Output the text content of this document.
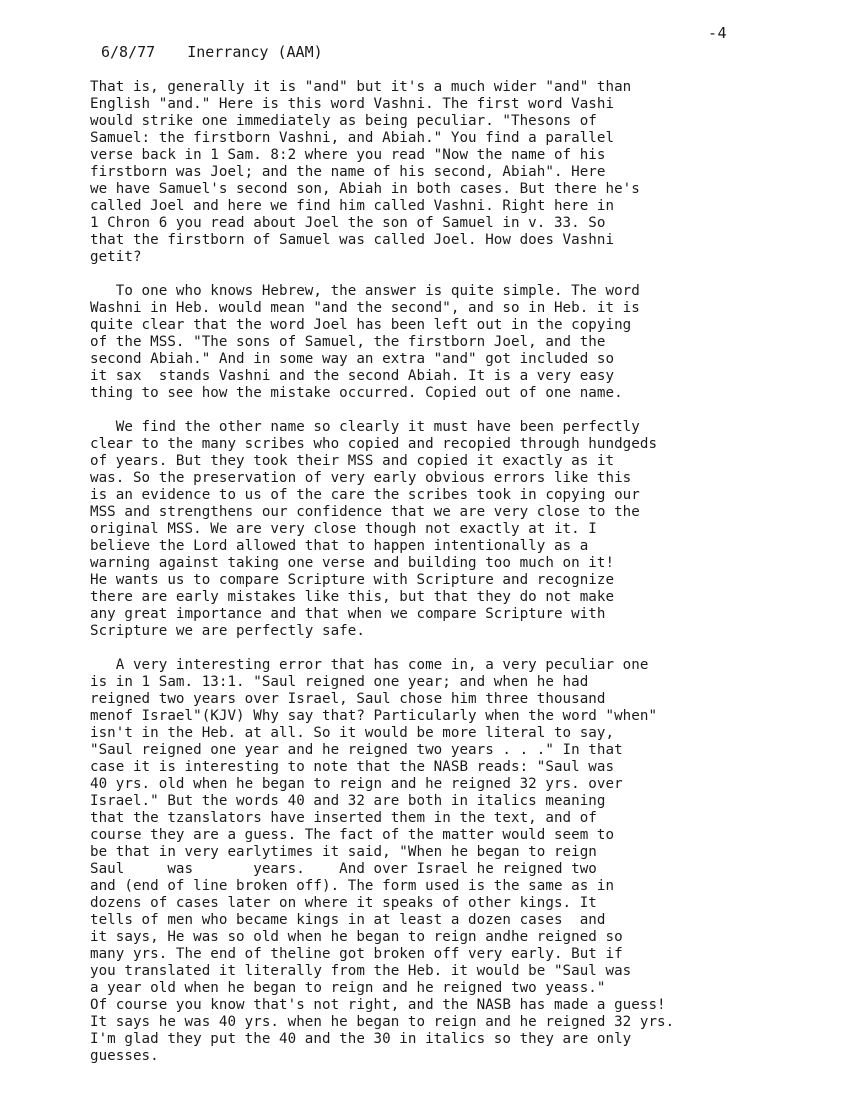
-4
6/8/77 Inerrancy (AAM)
That is, generally it is "and" but it's a much wider "and" than
English "and." Here is this word Vashni. The first word Vashi
would strike one immediately as being peculiar. "Thesons of
Samuel: the firstborn Vashni, and Abiah." You find a parallel
verse back in 1 Sam. 8:2 where you read "Now the name of his
firstborn was Joel; and the name of his second, Abiah". Here
we have Samuel's second son, Abiah in both cases. But there he's
called Joel and here we find him called Vashni. Right here in
1 Chron 6 you read about Joel the son of Samuel in v. 33. So
that the firstborn of Samuel was called Joel. How does Vashni
getit?
To one who knows Hebrew, the answer is quite simple. The word
Washni in Heb. would mean "and the second", and so in Heb. it is
quite clear that the word Joel has been left out in the copying
of the MSS. "The sons of Samuel, the firstborn Joel, and the
second Abiah." And in some way an extra "and" got included so
it sax  stands Vashni and the second Abiah. It is a very easy
thing to see how the mistake occurred. Copied out of one name.
We find the other name so clearly it must have been perfectly
clear to the many scribes who copied and recopied through hundgeds
of years. But they took their MSS and copied it exactly as it
was. So the preservation of very early obvious errors like this
is an evidence to us of the care the scribes took in copying our
MSS and strengthens our confidence that we are very close to the
original MSS. We are very close though not exactly at it. I
believe the Lord allowed that to happen intentionally as a
warning against taking one verse and building too much on it!
He wants us to compare Scripture with Scripture and recognize
there are early mistakes like this, but that they do not make
any great importance and that when we compare Scripture with
Scripture we are perfectly safe.
A very interesting error that has come in, a very peculiar one
is in 1 Sam. 13:1. "Saul reigned one year; and when he had
reigned two years over Israel, Saul chose him three thousand
menof Israel"(KJV) Why say that? Particularly when the word "when"
isn't in the Heb. at all. So it would be more literal to say,
"Saul reigned one year and he reigned two years . . ." In that
case it is interesting to note that the NASB reads: "Saul was
40 yrs. old when he began to reign and he reigned 32 yrs. over
Israel." But the words 40 and 32 are both in italics meaning
that the tzanslators have inserted them in the text, and of
course they are a guess. The fact of the matter would seem to
be that in very earlytimes it said, "When he began to reign
Saul     was       years.    And over Israel he reigned two
and (end of line broken off). The form used is the same as in
dozens of cases later on where it speaks of other kings. It
tells of men who became kings in at least a dozen cases  and
it says, He was so old when he began to reign andhe reigned so
many yrs. The end of theline got broken off very early. But if
you translated it literally from the Heb. it would be "Saul was
a year old when he began to reign and he reigned two yeass."
Of course you know that's not right, and the NASB has made a guess!
It says he was 40 yrs. when he began to reign and he reigned 32 yrs.
I'm glad they put the 40 and the 30 in italics so they are only
guesses.
